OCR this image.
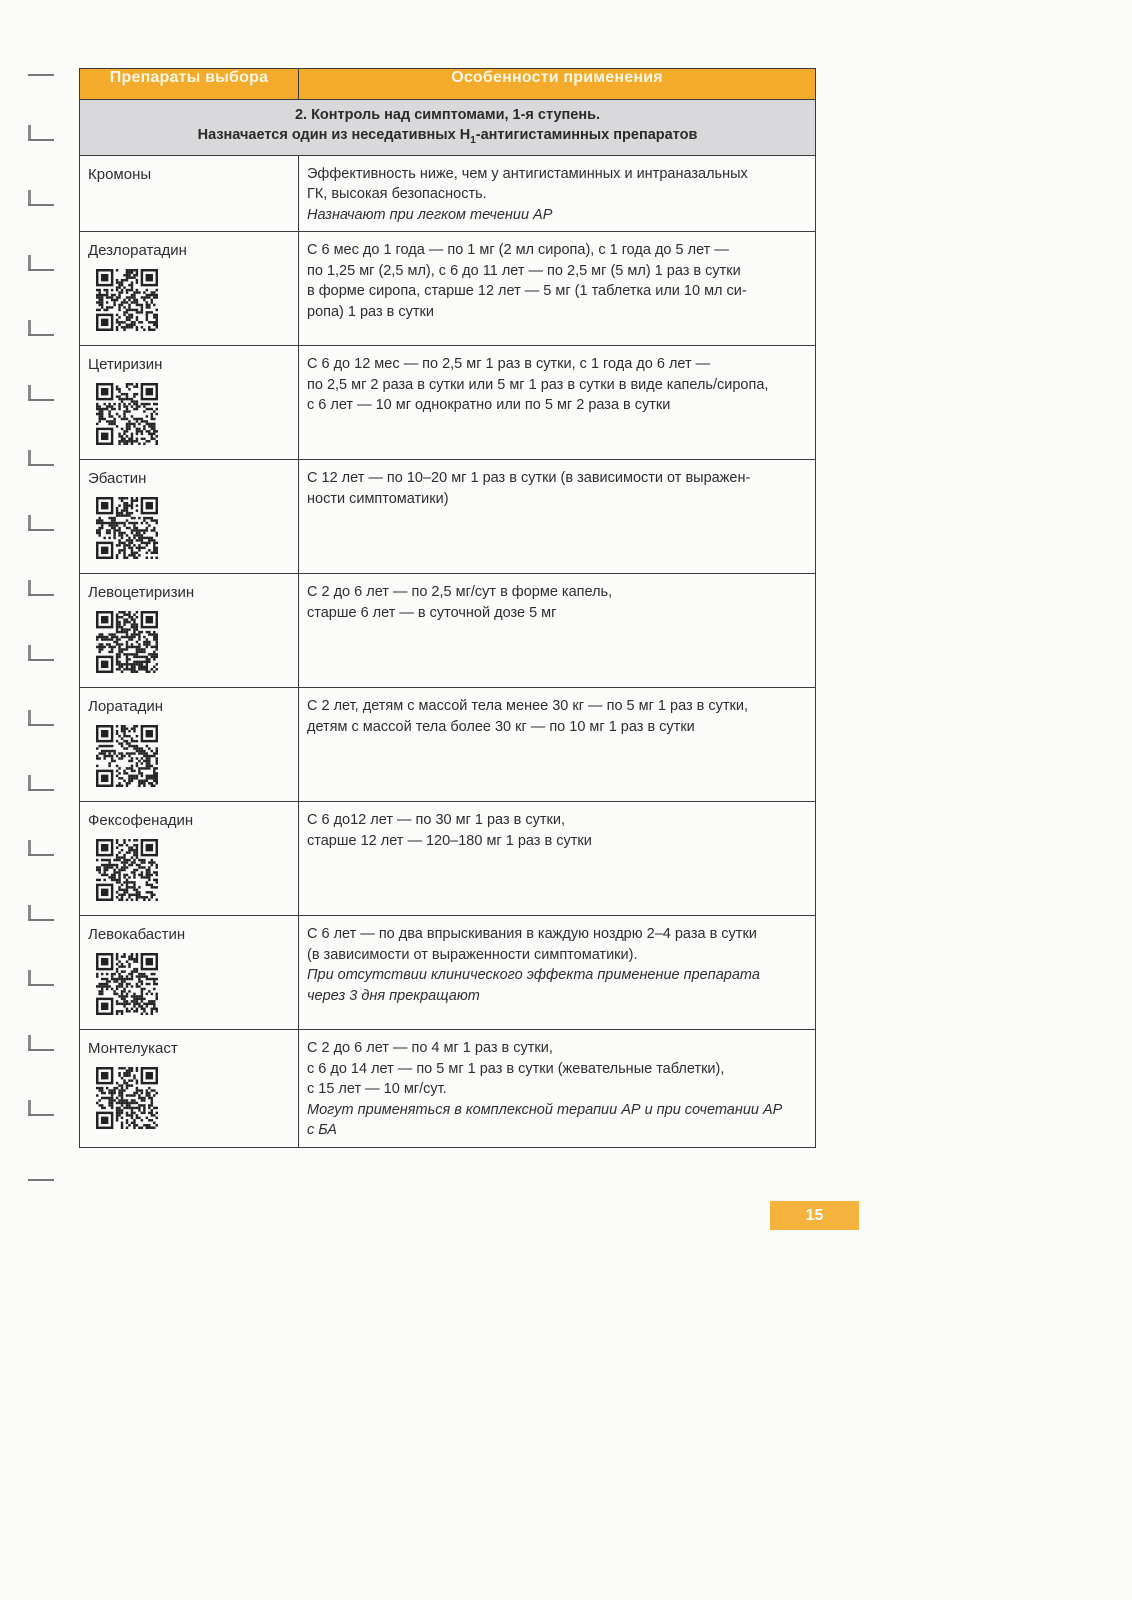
Препараты выбора	Особенности применения

2. Контроль над симптомами, 1-я ступень.
Назначается один из неседативных $H_1$-антигистаминных препаратов	

Кромоны	Эффективность ниже, чем у антигистаминных и интраназальных
ГК, высокая безопасность.
Назначают при легком течении АР

Дезлоратадин	С 6 мес до 1 года — по 1 мг (2 мл сиропа), с 1 года до 5 лет —
по 1,25 мг (2,5 мл), с 6 до 11 лет — по 2,5 мг (5 мл) 1 раз в сутки
в форме сиропа, старше 12 лет — 5 мг (1 таблетка или 10 мл си-
ропа) 1 раз в сутки

Цетиризин	С 6 до 12 мес — по 2,5 мг 1 раз в сутки, с 1 года до 6 лет —
по 2,5 мг 2 раза в сутки или 5 мг 1 раз в сутки в виде капель/сиропа,
с 6 лет — 10 мг однократно или по 5 мг 2 раза в сутки

Эбастин	С 12 лет — по 10–20 мг 1 раз в сутки (в зависимости от выражен-
ности симптоматики)

Левоцетиризин	С 2 до 6 лет — по 2,5 мг/сут в форме капель,
старше 6 лет — в суточной дозе 5 мг

Лоратадин	С 2 лет, детям с массой тела менее 30 кг — по 5 мг 1 раз в сутки,
детям с массой тела более 30 кг — по 10 мг 1 раз в сутки

Фексофенадин	С 6 до12 лет — по 30 мг 1 раз в сутки,
старше 12 лет — 120–180 мг 1 раз в сутки

Левокабастин	С 6 лет — по два впрыскивания в каждую ноздрю 2–4 раза в сутки
(в зависимости от выраженности симптоматики).
При отсутствии клинического эффекта применение препарата
через 3 дня прекращают

Монтелукаст	С 2 до 6 лет — по 4 мг 1 раз в сутки,
с 6 до 14 лет — по 5 мг 1 раз в сутки (жевательные таблетки),
с 15 лет — 10 мг/сут.
Могут применяться в комплексной терапии АР и при сочетании АР
с БА
15
